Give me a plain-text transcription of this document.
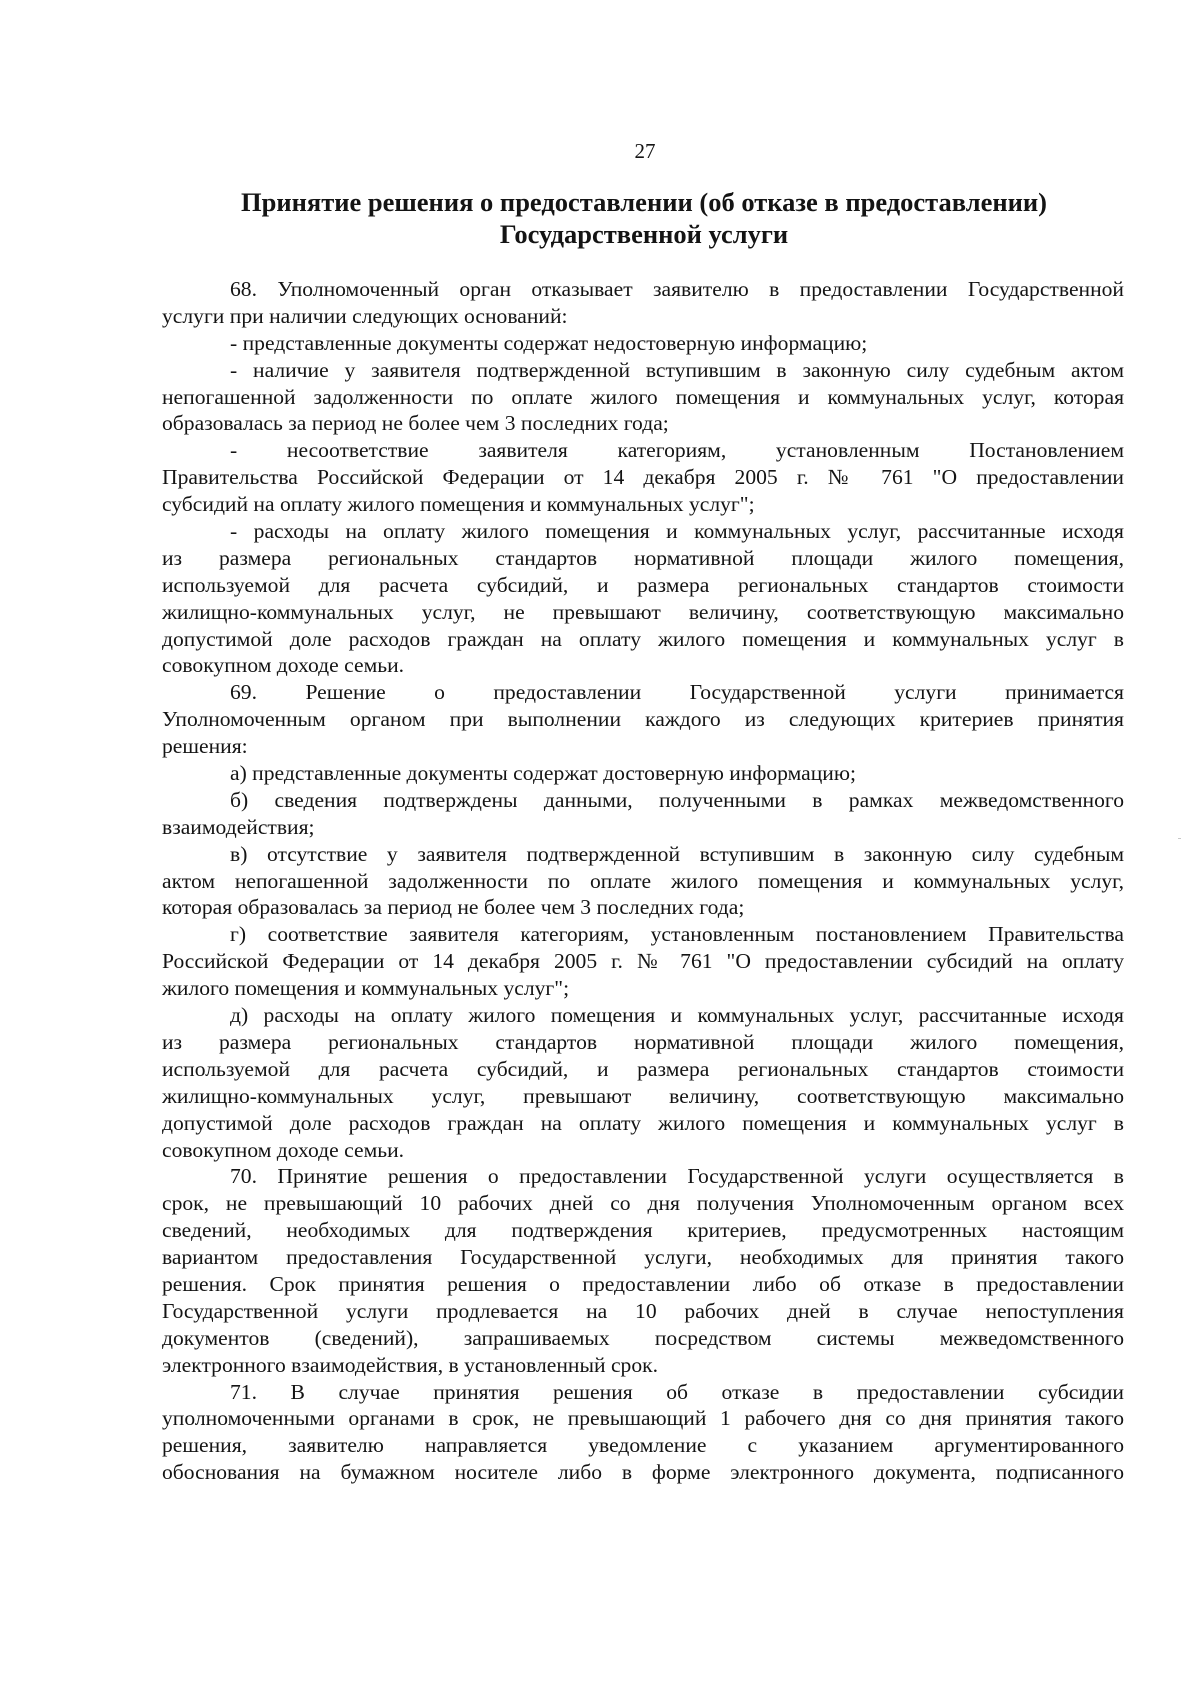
27
Принятие решения о предоставлении (об отказе в предоставлении)
Государственной услуги
68. Уполномоченный орган отказывает заявителю в предоставлении Государственной
услуги при наличии следующих оснований:
- представленные документы содержат недостоверную информацию;
- наличие у заявителя подтвержденной вступившим в законную силу судебным актом
непогашенной задолженности по оплате жилого помещения и коммунальных услуг, которая
образовалась за период не более чем 3 последних года;
- несоответствие заявителя категориям, установленным Постановлением
Правительства Российской Федерации от 14 декабря 2005 г. № 761 "О предоставлении
субсидий на оплату жилого помещения и коммунальных услуг";
- расходы на оплату жилого помещения и коммунальных услуг, рассчитанные исходя
из размера региональных стандартов нормативной площади жилого помещения,
используемой для расчета субсидий, и размера региональных стандартов стоимости
жилищно-коммунальных услуг, не превышают величину, соответствующую максимально
допустимой доле расходов граждан на оплату жилого помещения и коммунальных услуг в
совокупном доходе семьи.
69. Решение о предоставлении Государственной услуги принимается
Уполномоченным органом при выполнении каждого из следующих критериев принятия
решения:
а) представленные документы содержат достоверную информацию;
б) сведения подтверждены данными, полученными в рамках межведомственного
взаимодействия;
в) отсутствие у заявителя подтвержденной вступившим в законную силу судебным
актом непогашенной задолженности по оплате жилого помещения и коммунальных услуг,
которая образовалась за период не более чем 3 последних года;
г) соответствие заявителя категориям, установленным постановлением Правительства
Российской Федерации от 14 декабря 2005 г. № 761 "О предоставлении субсидий на оплату
жилого помещения и коммунальных услуг";
д) расходы на оплату жилого помещения и коммунальных услуг, рассчитанные исходя
из размера региональных стандартов нормативной площади жилого помещения,
используемой для расчета субсидий, и размера региональных стандартов стоимости
жилищно-коммунальных услуг, превышают величину, соответствующую максимально
допустимой доле расходов граждан на оплату жилого помещения и коммунальных услуг в
совокупном доходе семьи.
70. Принятие решения о предоставлении Государственной услуги осуществляется в
срок, не превышающий 10 рабочих дней со дня получения Уполномоченным органом всех
сведений, необходимых для подтверждения критериев, предусмотренных настоящим
вариантом предоставления Государственной услуги, необходимых для принятия такого
решения. Срок принятия решения о предоставлении либо об отказе в предоставлении
Государственной услуги продлевается на 10 рабочих дней в случае непоступления
документов (сведений), запрашиваемых посредством системы межведомственного
электронного взаимодействия, в установленный срок.
71. В случае принятия решения об отказе в предоставлении субсидии
уполномоченными органами в срок, не превышающий 1 рабочего дня со дня принятия такого
решения, заявителю направляется уведомление с указанием аргументированного
обоснования на бумажном носителе либо в форме электронного документа, подписанного
